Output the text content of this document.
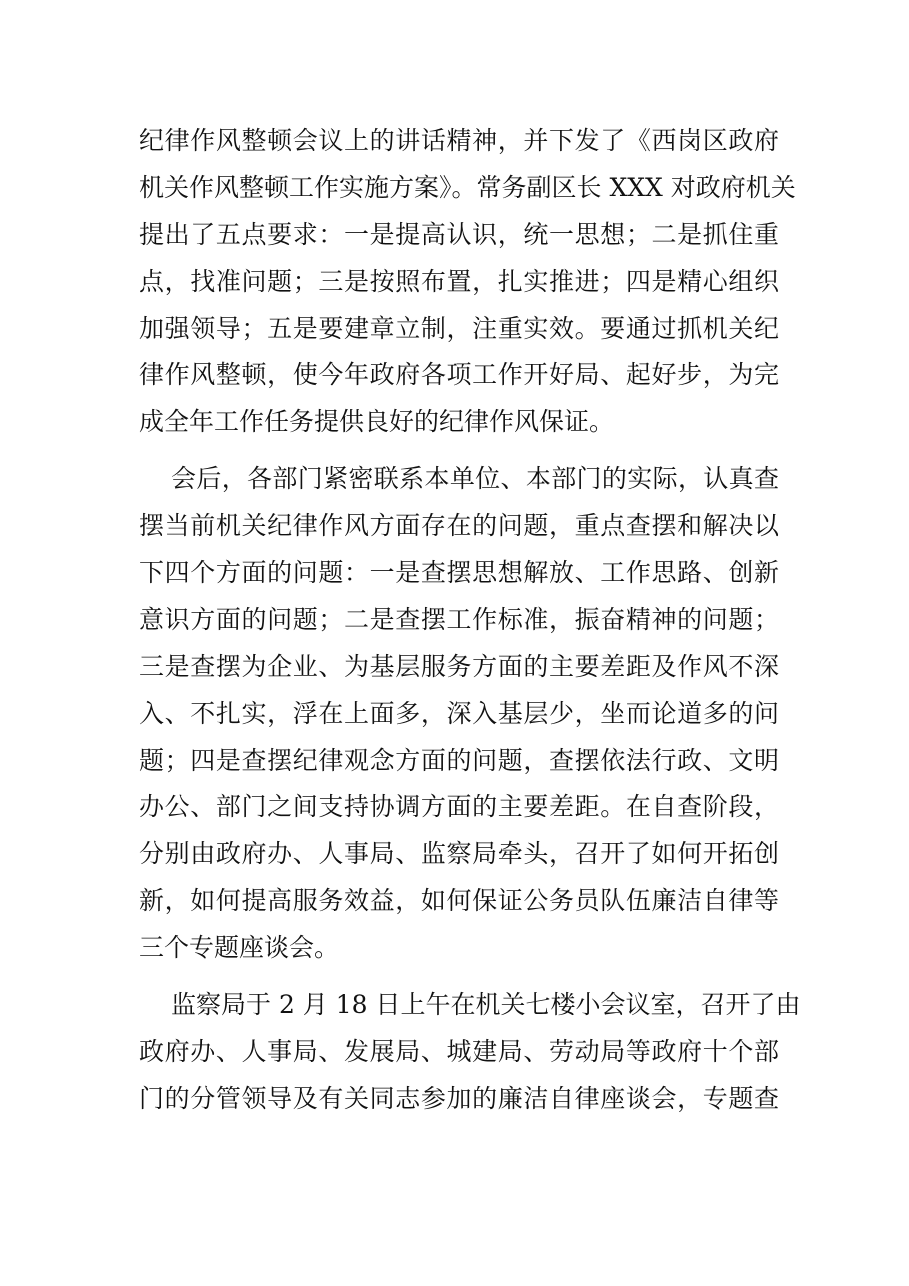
纪律作风整顿会议上的讲话精神，并下发了《西岗区政府
机关作风整顿工作实施方案》。常务副区长 XXX 对政府机关
提出了五点要求：一是提高认识，统一思想；二是抓住重
点，找准问题；三是按照布置，扎实推进；四是精心组织
加强领导；五是要建章立制，注重实效。要通过抓机关纪
律作风整顿，使今年政府各项工作开好局、起好步，为完
成全年工作任务提供良好的纪律作风保证。
会后，各部门紧密联系本单位、本部门的实际，认真查
摆当前机关纪律作风方面存在的问题，重点查摆和解决以
下四个方面的问题：一是查摆思想解放、工作思路、创新
意识方面的问题；二是查摆工作标准，振奋精神的问题；
三是查摆为企业、为基层服务方面的主要差距及作风不深
入、不扎实，浮在上面多，深入基层少，坐而论道多的问
题；四是查摆纪律观念方面的问题，查摆依法行政、文明
办公、部门之间支持协调方面的主要差距。在自查阶段，
分别由政府办、人事局、监察局牵头，召开了如何开拓创
新，如何提高服务效益，如何保证公务员队伍廉洁自律等
三个专题座谈会。
监察局于 2 月 18 日上午在机关七楼小会议室，召开了由
政府办、人事局、发展局、城建局、劳动局等政府十个部
门的分管领导及有关同志参加的廉洁自律座谈会，专题查
